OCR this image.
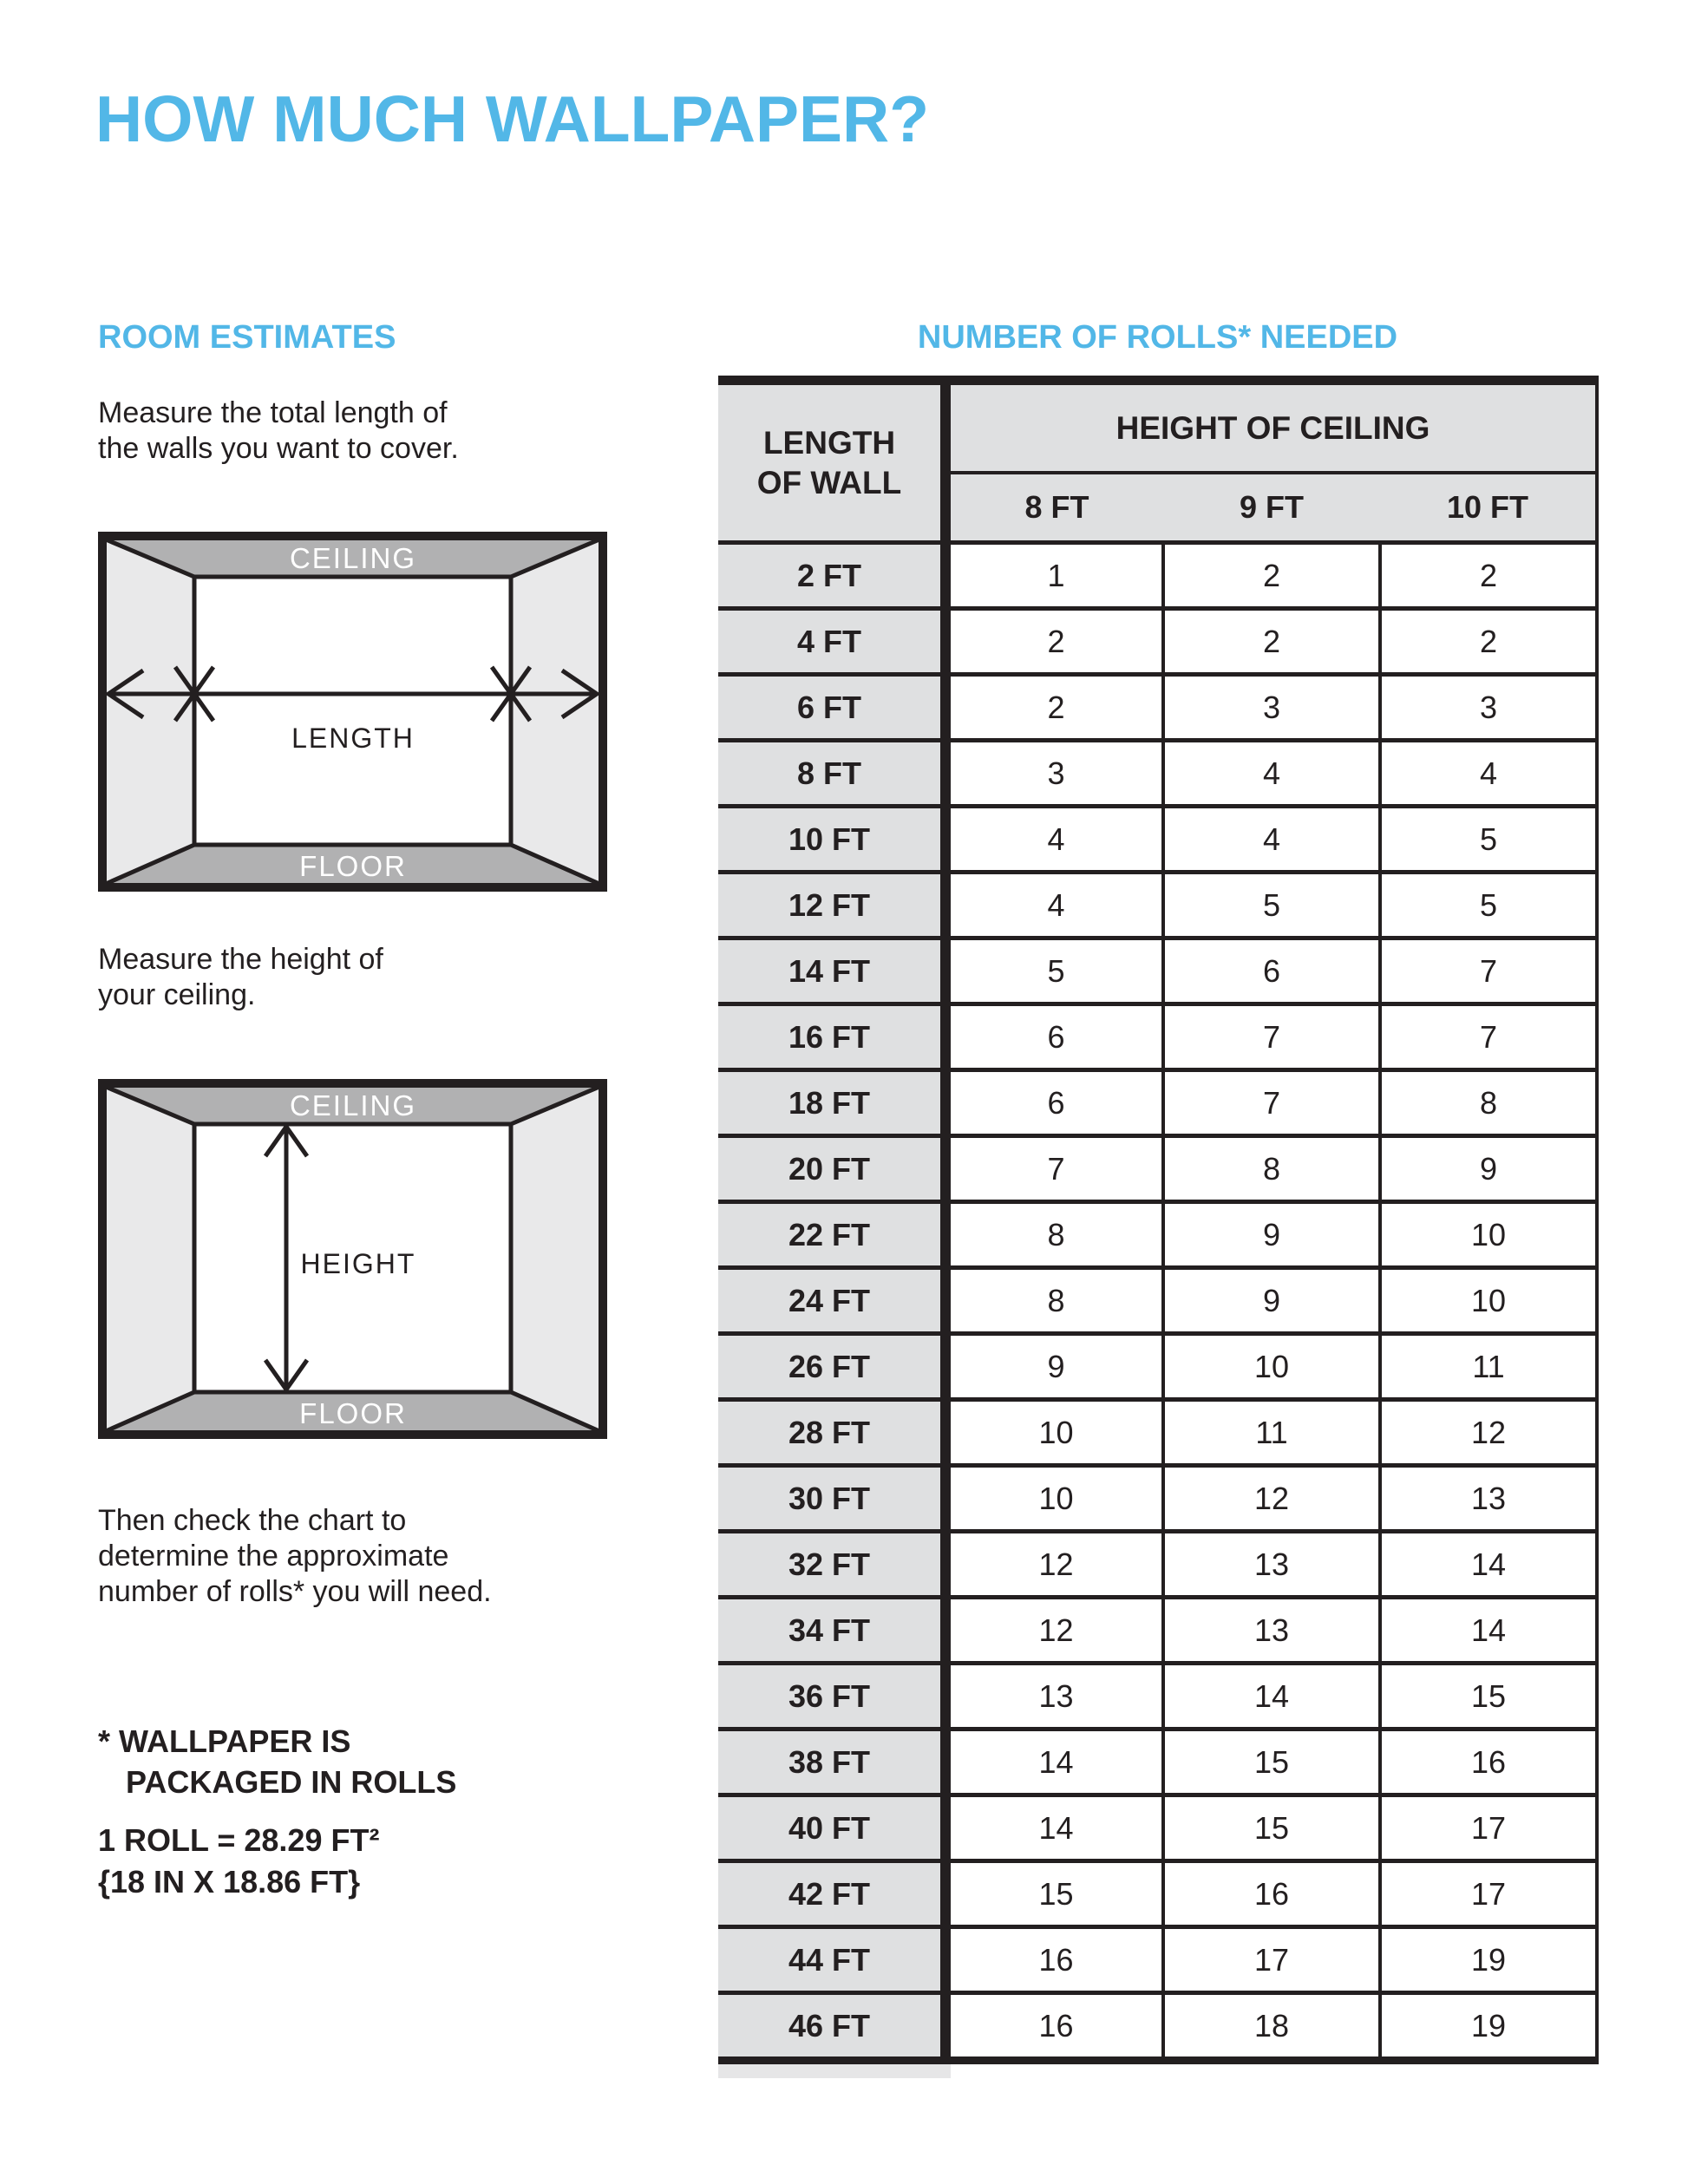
HOW MUCH WALLPAPER?
ROOM ESTIMATES
Measure the total length of
the walls you want to cover.
CEILING
FLOOR
LENGTH
Measure the height of
your ceiling.
CEILING
FLOOR
HEIGHT
Then check the chart to
determine the approximate
number of rolls* you will need.
* WALLPAPER IS
PACKAGED IN ROLLS
1 ROLL = 28.29 FT²
{18 IN X 18.86 FT}
NUMBER OF ROLLS* NEEDED
LENGTH
OF WALL	HEIGHT OF CEILING		
	8 FT	9 FT	10 FT
2 FT	1	2	2
4 FT	2	2	2
6 FT	2	3	3
8 FT	3	4	4
10 FT	4	4	5
12 FT	4	5	5
14 FT	5	6	7
16 FT	6	7	7
18 FT	6	7	8
20 FT	7	8	9
22 FT	8	9	10
24 FT	8	9	10
26 FT	9	10	11
28 FT	10	11	12
30 FT	10	12	13
32 FT	12	13	14
34 FT	12	13	14
36 FT	13	14	15
38 FT	14	15	16
40 FT	14	15	17
42 FT	15	16	17
44 FT	16	17	19
46 FT	16	18	19
